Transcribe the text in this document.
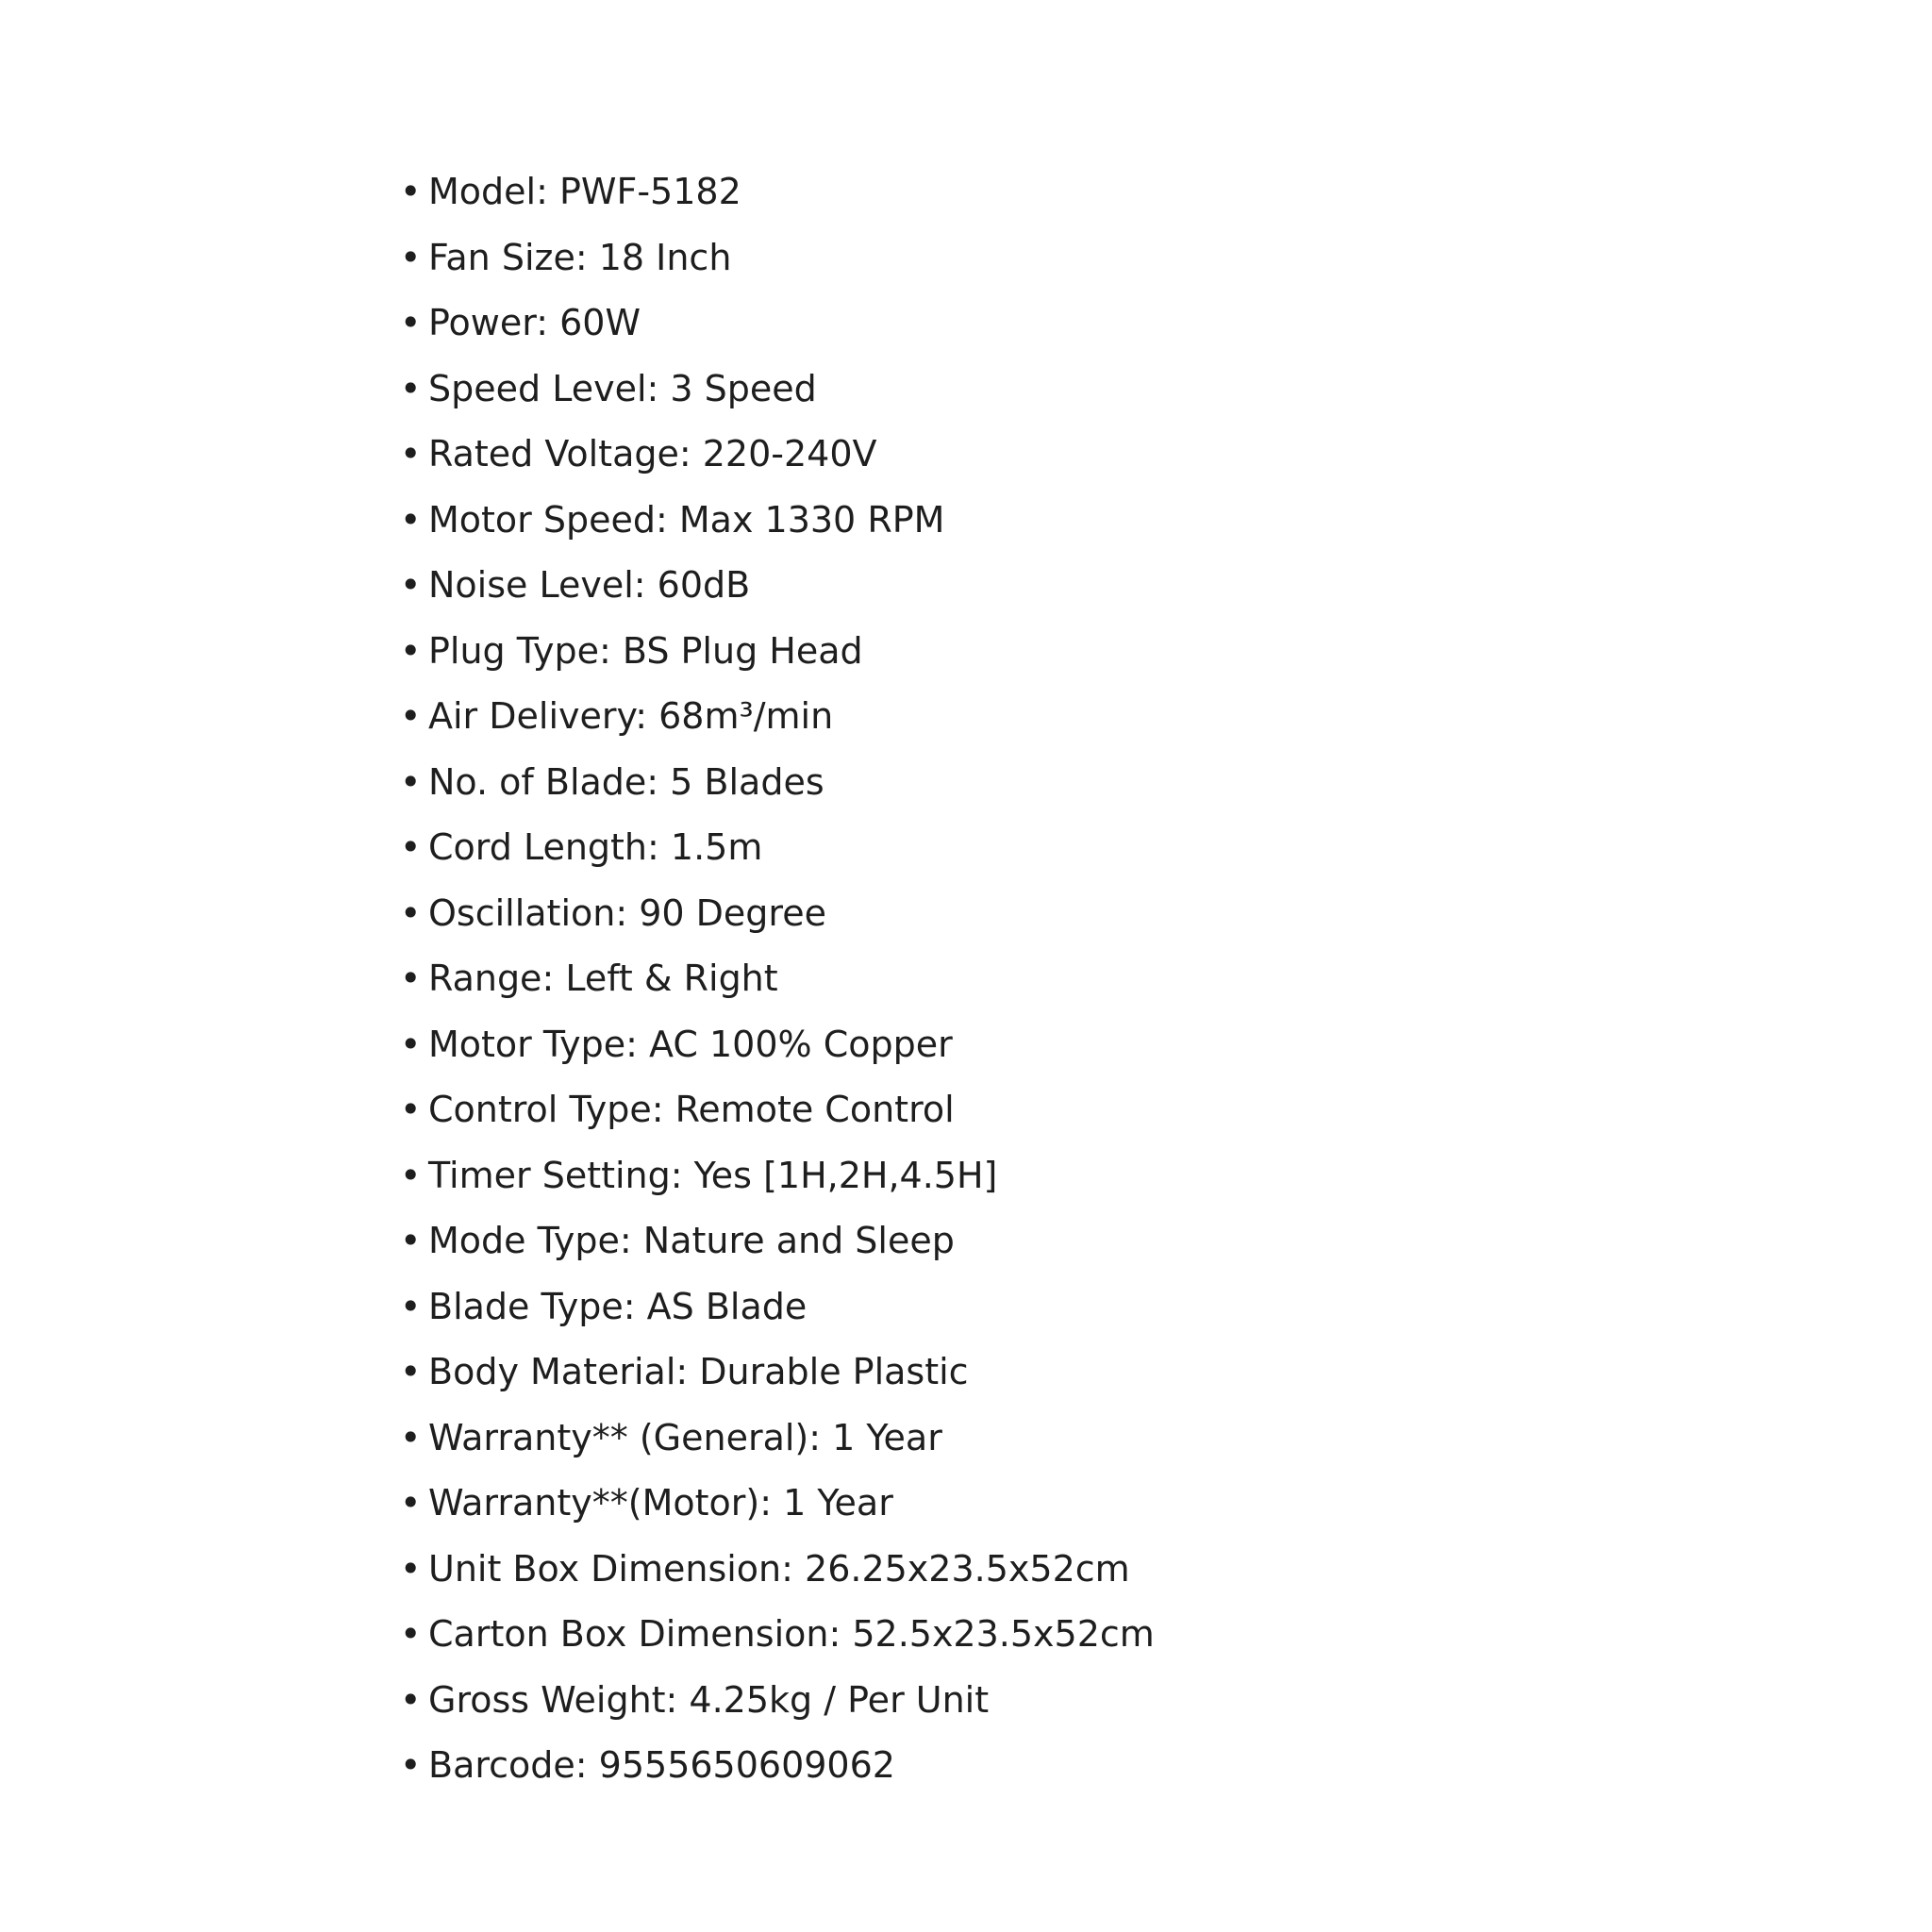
• Model: PWF-5182
• Fan Size: 18 Inch
• Power: 60W
• Speed Level: 3 Speed
• Rated Voltage: 220-240V
• Motor Speed: Max 1330 RPM
• Noise Level: 60dB
• Plug Type: BS Plug Head
• Air Delivery: 68m³/min
• No. of Blade: 5 Blades
• Cord Length: 1.5m
• Oscillation: 90 Degree
• Range: Left & Right
• Motor Type: AC 100% Copper
• Control Type: Remote Control
• Timer Setting: Yes [1H,2H,4.5H]
• Mode Type: Nature and Sleep
• Blade Type: AS Blade
• Body Material: Durable Plastic
• Warranty** (General): 1 Year
• Warranty**(Motor): 1 Year
• Unit Box Dimension: 26.25x23.5x52cm
• Carton Box Dimension: 52.5x23.5x52cm
• Gross Weight: 4.25kg / Per Unit
• Barcode: 9555650609062
